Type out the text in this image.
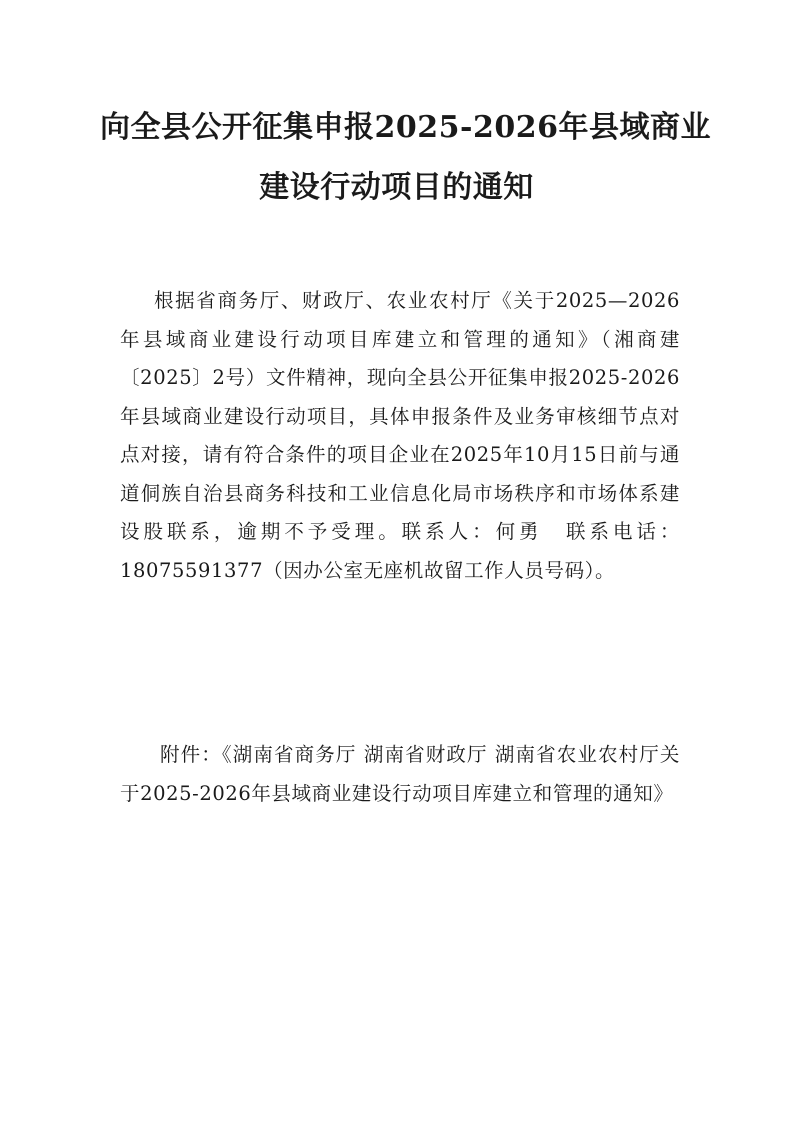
向全县公开征集申报2025-2026年县域商业
建设行动项目的通知

根据省商务厅、财政厅、农业农村厅《关于2025—2026年县域商业建设行动项目库建立和管理的通知》（湘商建〔2025〕2号）文件精神，现向全县公开征集申报2025-2026年县域商业建设行动项目，具体申报条件及业务审核细节点对点对接，请有符合条件的项目企业在2025年10月15日前与通道侗族自治县商务科技和工业信息化局市场秩序和市场体系建设股联系，逾期不予受理。联系人：何勇　联系电话：18075591377（因办公室无座机故留工作人员号码）。

附件：《湖南省商务厅 湖南省财政厅 湖南省农业农村厅关于2025-2026年县域商业建设行动项目库建立和管理的通知》
